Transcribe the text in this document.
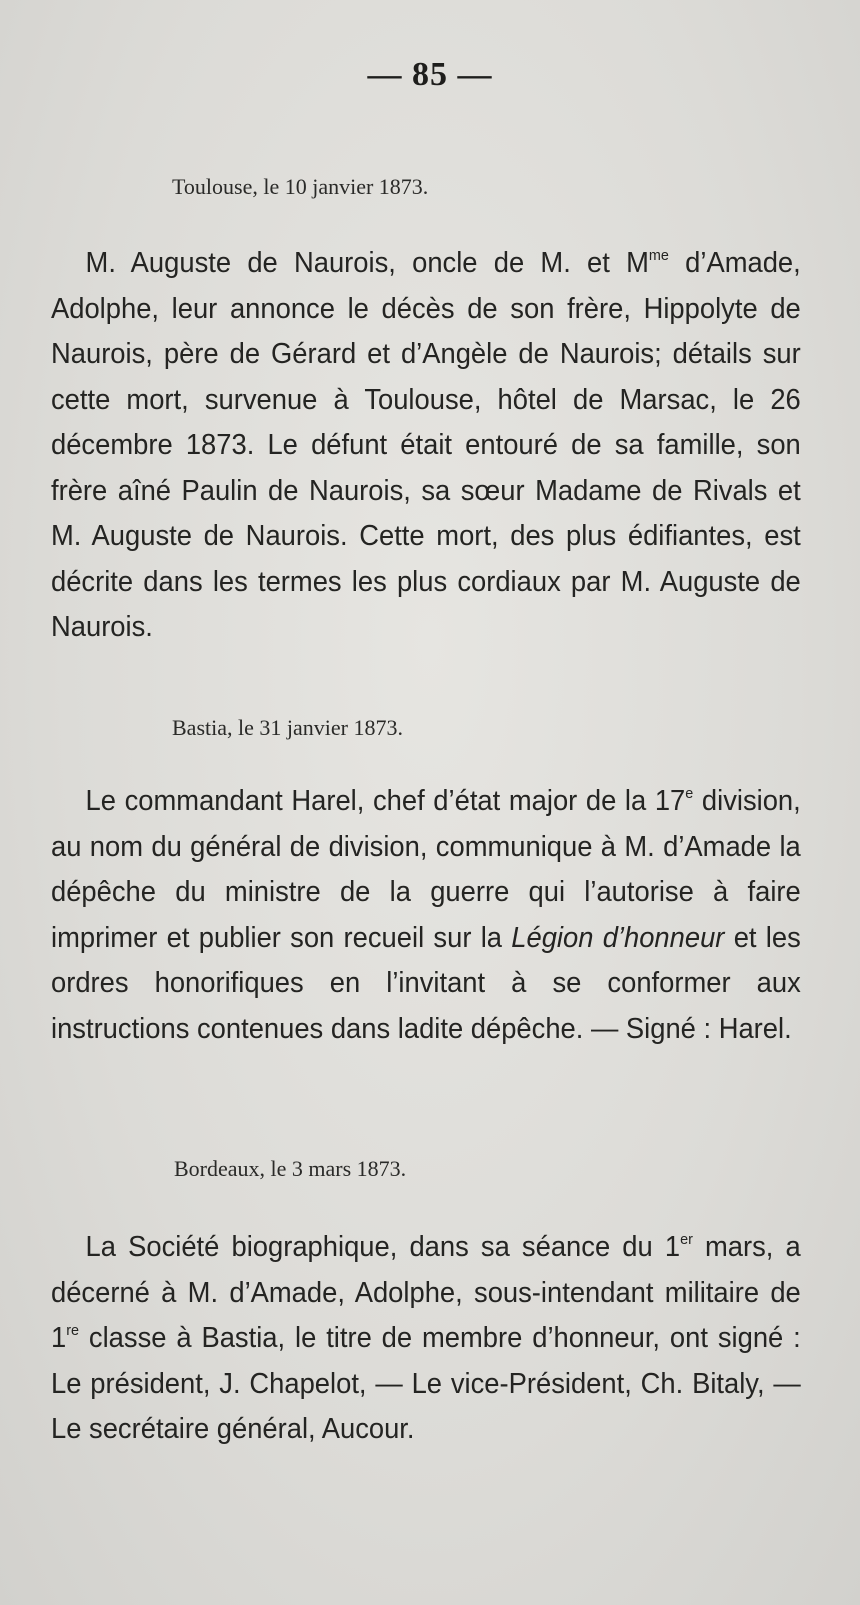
— 85 —
Toulouse, le 10 janvier 1873.

M. Auguste de Naurois, oncle de M. et $M^{me}$ d’Amade, Adolphe, leur annonce le décès de son frère, Hippolyte de Naurois, père de Gérard et d’Angèle de Naurois; détails sur cette mort, survenue à Toulouse, hôtel de Marsac, le 26 décembre 1873. Le défunt était entouré de sa famille, son frère aîné Paulin de Naurois, sa sœur Madame de Rivals et M. Auguste de Naurois. Cette mort, des plus édifiantes, est décrite dans les termes les plus cordiaux par M. Auguste de Naurois.

Bastia, le 31 janvier 1873.

Le commandant Harel, chef d’état major de la 17e division, au nom du général de division, communique à M. d’Amade la dépêche du ministre de la guerre qui l’autorise à faire imprimer et publier son recueil sur la Légion d’honneur et les ordres honorifiques en l’invitant à se conformer aux instructions contenues dans ladite dépêche. — Signé : Harel.

Bordeaux, le 3 mars 1873.

La Société biographique, dans sa séance du 1er mars, a décerné à M. d’Amade, Adolphe, sous-intendant militaire de 1re classe à Bastia, le titre de membre d’honneur, ont signé : Le président, J. Chapelot, — Le vice-Président, Ch. Bitaly, — Le secrétaire général, Aucour.
